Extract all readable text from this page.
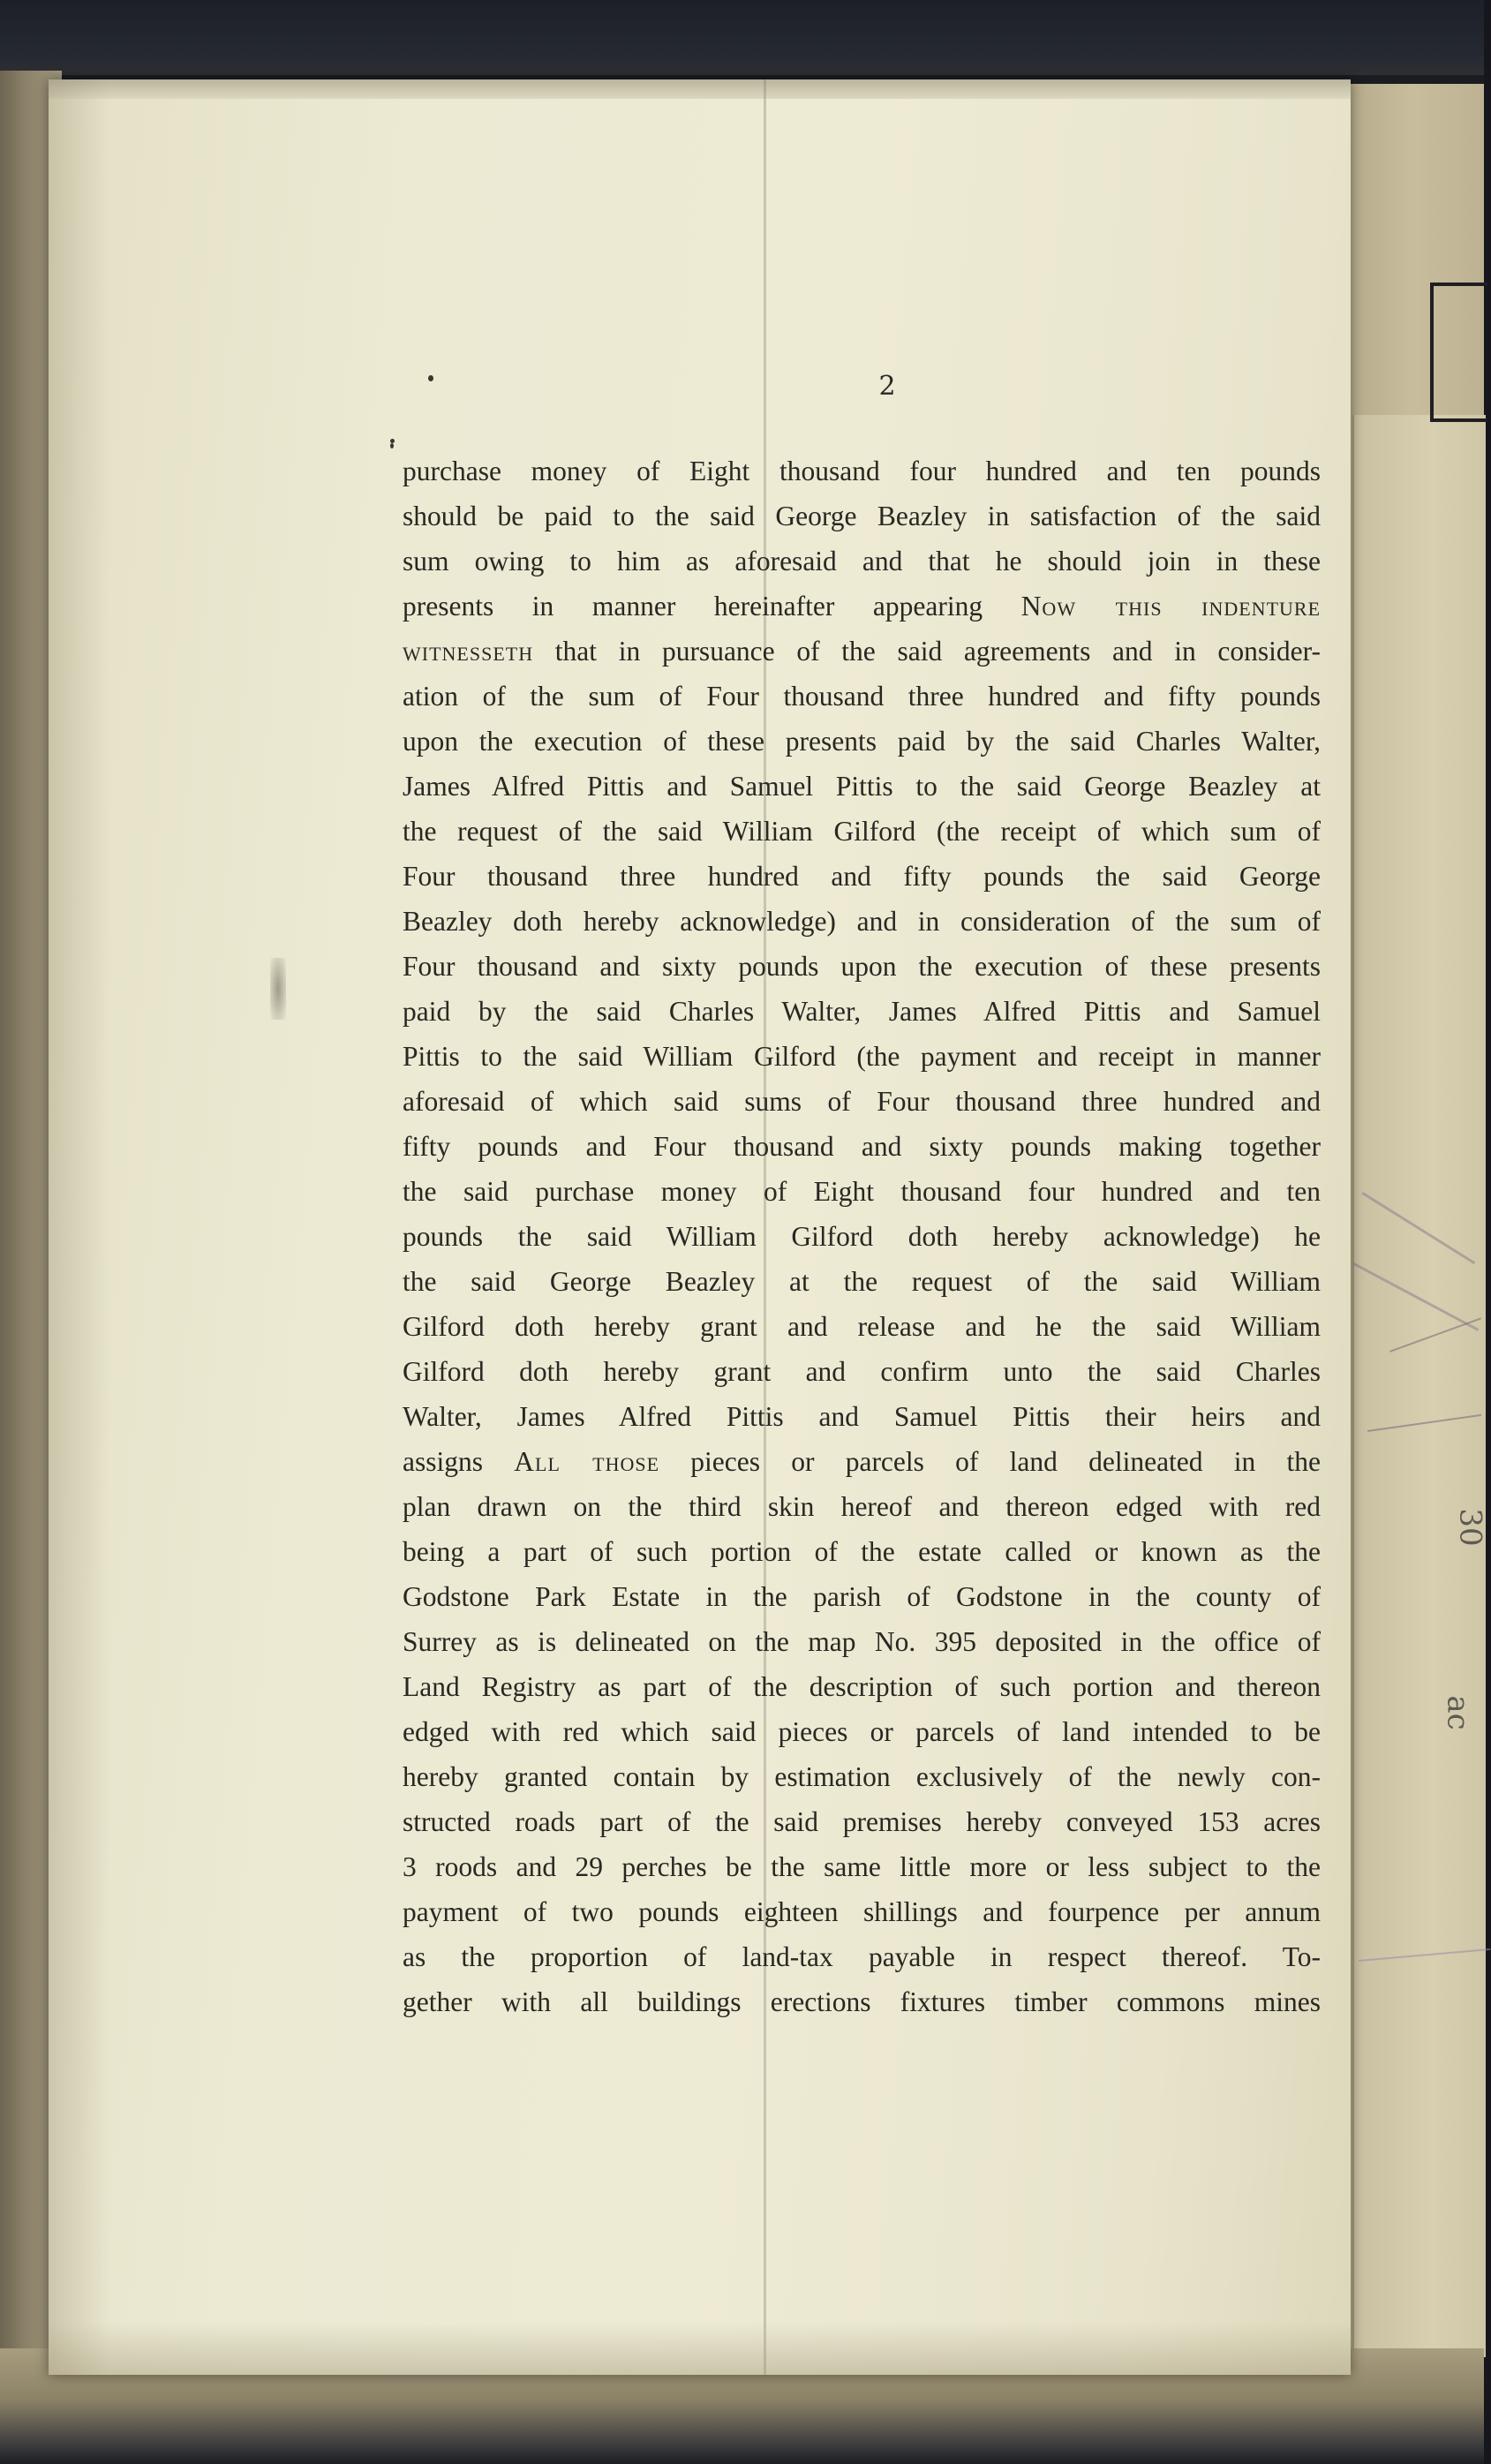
30
ac
2
purchase money of Eight thousand four hundred and ten pounds
should be paid to the said George Beazley in satisfaction of the said
sum owing to him as aforesaid and that he should join in these
presents in manner hereinafter appearing Now this indenture
witnesseth that in pursuance of the said agreements and in consider-
ation of the sum of Four thousand three hundred and fifty pounds
upon the execution of these presents paid by the said Charles Walter,
James Alfred Pittis and Samuel Pittis to the said George Beazley at
the request of the said William Gilford (the receipt of which sum of
Four thousand three hundred and fifty pounds the said George
Beazley doth hereby acknowledge) and in consideration of the sum of
Four thousand and sixty pounds upon the execution of these presents
paid by the said Charles Walter, James Alfred Pittis and Samuel
Pittis to the said William Gilford (the payment and receipt in manner
aforesaid of which said sums of Four thousand three hundred and
fifty pounds and Four thousand and sixty pounds making together
the said purchase money of Eight thousand four hundred and ten
pounds the said William Gilford doth hereby acknowledge) he
the said George Beazley at the request of the said William
Gilford doth hereby grant and release and he the said William
Gilford doth hereby grant and confirm unto the said Charles
Walter, James Alfred Pittis and Samuel Pittis their heirs and
assigns All those pieces or parcels of land delineated in the
plan drawn on the third skin hereof and thereon edged with red
being a part of such portion of the estate called or known as the
Godstone Park Estate in the parish of Godstone in the county of
Surrey as is delineated on the map No. 395 deposited in the office of
Land Registry as part of the description of such portion and thereon
edged with red which said pieces or parcels of land intended to be
hereby granted contain by estimation exclusively of the newly con-
structed roads part of the said premises hereby conveyed 153 acres
3 roods and 29 perches be the same little more or less subject to the
payment of two pounds eighteen shillings and fourpence per annum
as the proportion of land-tax payable in respect thereof. To-
gether with all buildings erections fixtures timber commons mines
